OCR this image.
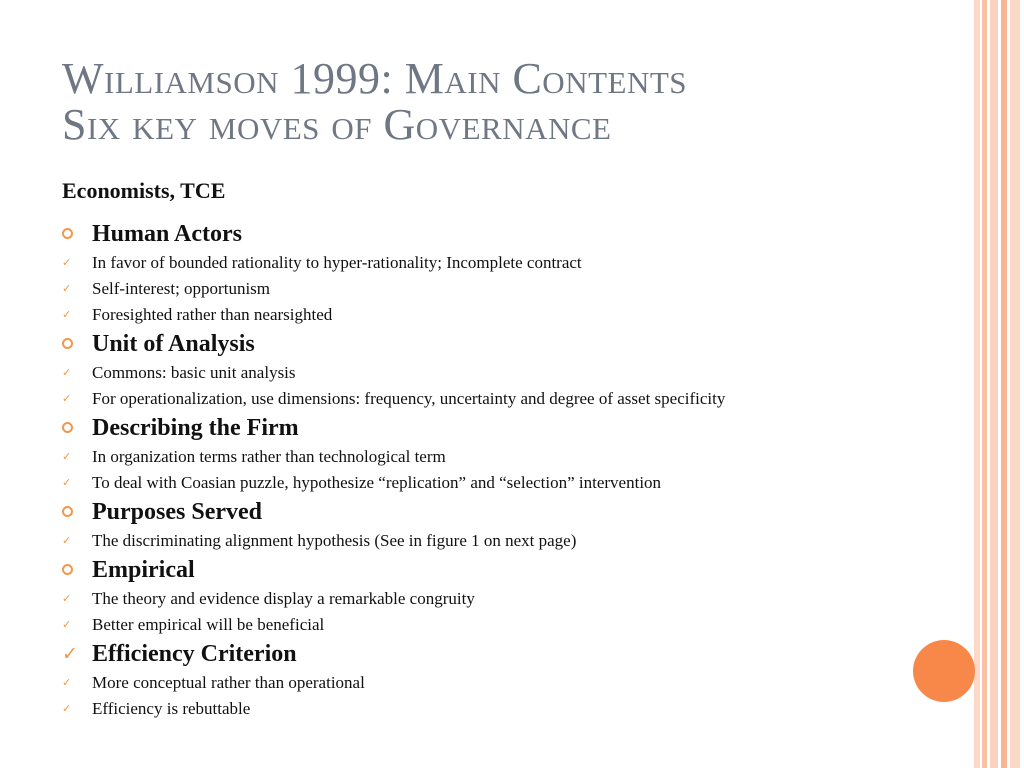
Williamson 1999: Main Contents
Six key moves of Governance
Economists, TCE
Human Actors
✓ In favor of bounded rationality to hyper-rationality; Incomplete contract
✓ Self-interest; opportunism
✓ Foresighted rather than nearsighted
Unit of Analysis
✓ Commons: basic unit analysis
✓ For operationalization, use dimensions: frequency, uncertainty and degree of asset specificity
Describing the Firm
✓ In organization terms rather than technological term
✓ To deal with Coasian puzzle, hypothesize “replication” and “selection” intervention
Purposes Served
✓ The discriminating alignment hypothesis (See in figure 1 on next page)
Empirical
✓ The theory and evidence display a remarkable congruity
✓ Better empirical will be beneficial
✓ Efficiency Criterion
✓ More conceptual rather than operational
✓ Efficiency is rebuttable
